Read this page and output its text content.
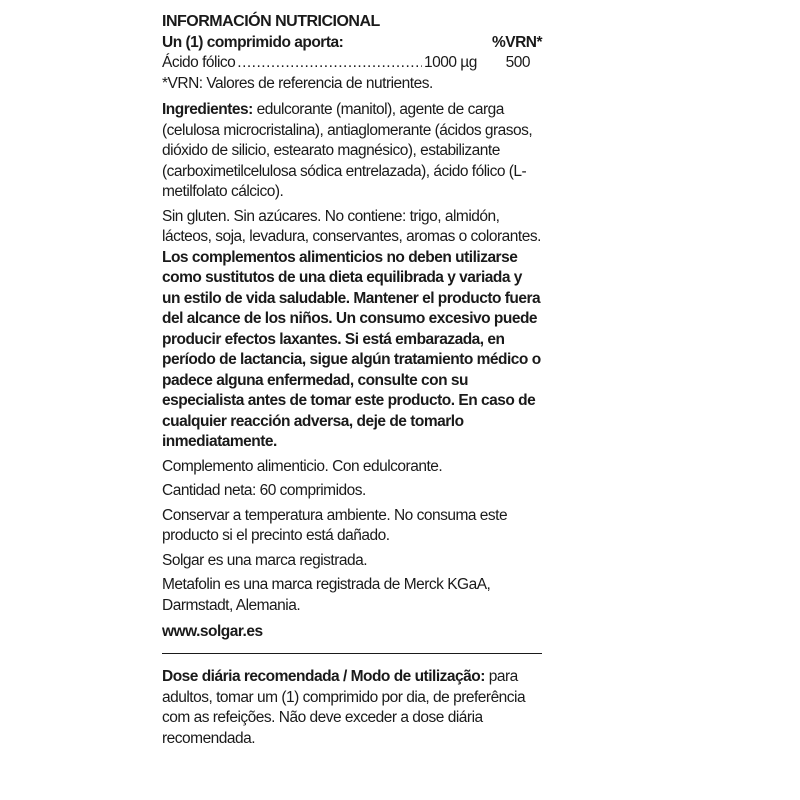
INFORMACIÓN NUTRICIONAL

Un (1) comprimido aporta:	%VRN*
Ácido fólico
.....	1000 µg	500

*VRN: Valores de referencia de nutrientes.

Ingredientes: edulcorante (manitol), agente de carga (celulosa microcristalina), antiaglomerante (ácidos grasos, dióxido de silicio, estearato magnésico), estabilizante (carboximetilcelulosa sódica entrelazada), ácido fólico (L-metilfolato cálcico).

Sin gluten. Sin azúcares. No contiene: trigo, almidón, lácteos, soja, levadura, conservantes, aromas o colorantes.

Los complementos alimenticios no deben utilizarse como sustitutos de una dieta equilibrada y variada y un estilo de vida saludable. Mantener el producto fuera del alcance de los niños. Un consumo excesivo puede producir efectos laxantes. Si está embarazada, en período de lactancia, sigue algún tratamiento médico o padece alguna enfermedad, consulte con su especialista antes de tomar este producto. En caso de cualquier reacción adversa, deje de tomarlo inmediatamente.

Complemento alimenticio. Con edulcorante.

Cantidad neta: 60 comprimidos.

Conservar a temperatura ambiente. No consuma este producto si el precinto está dañado.

Solgar es una marca registrada.

Metafolin es una marca registrada de Merck KGaA, Darmstadt, Alemania.

www.solgar.es

Dose diária recomendada / Modo de utilização: para adultos, tomar um (1) comprimido por dia, de preferência com as refeições. Não deve exceder a dose diária recomendada.
